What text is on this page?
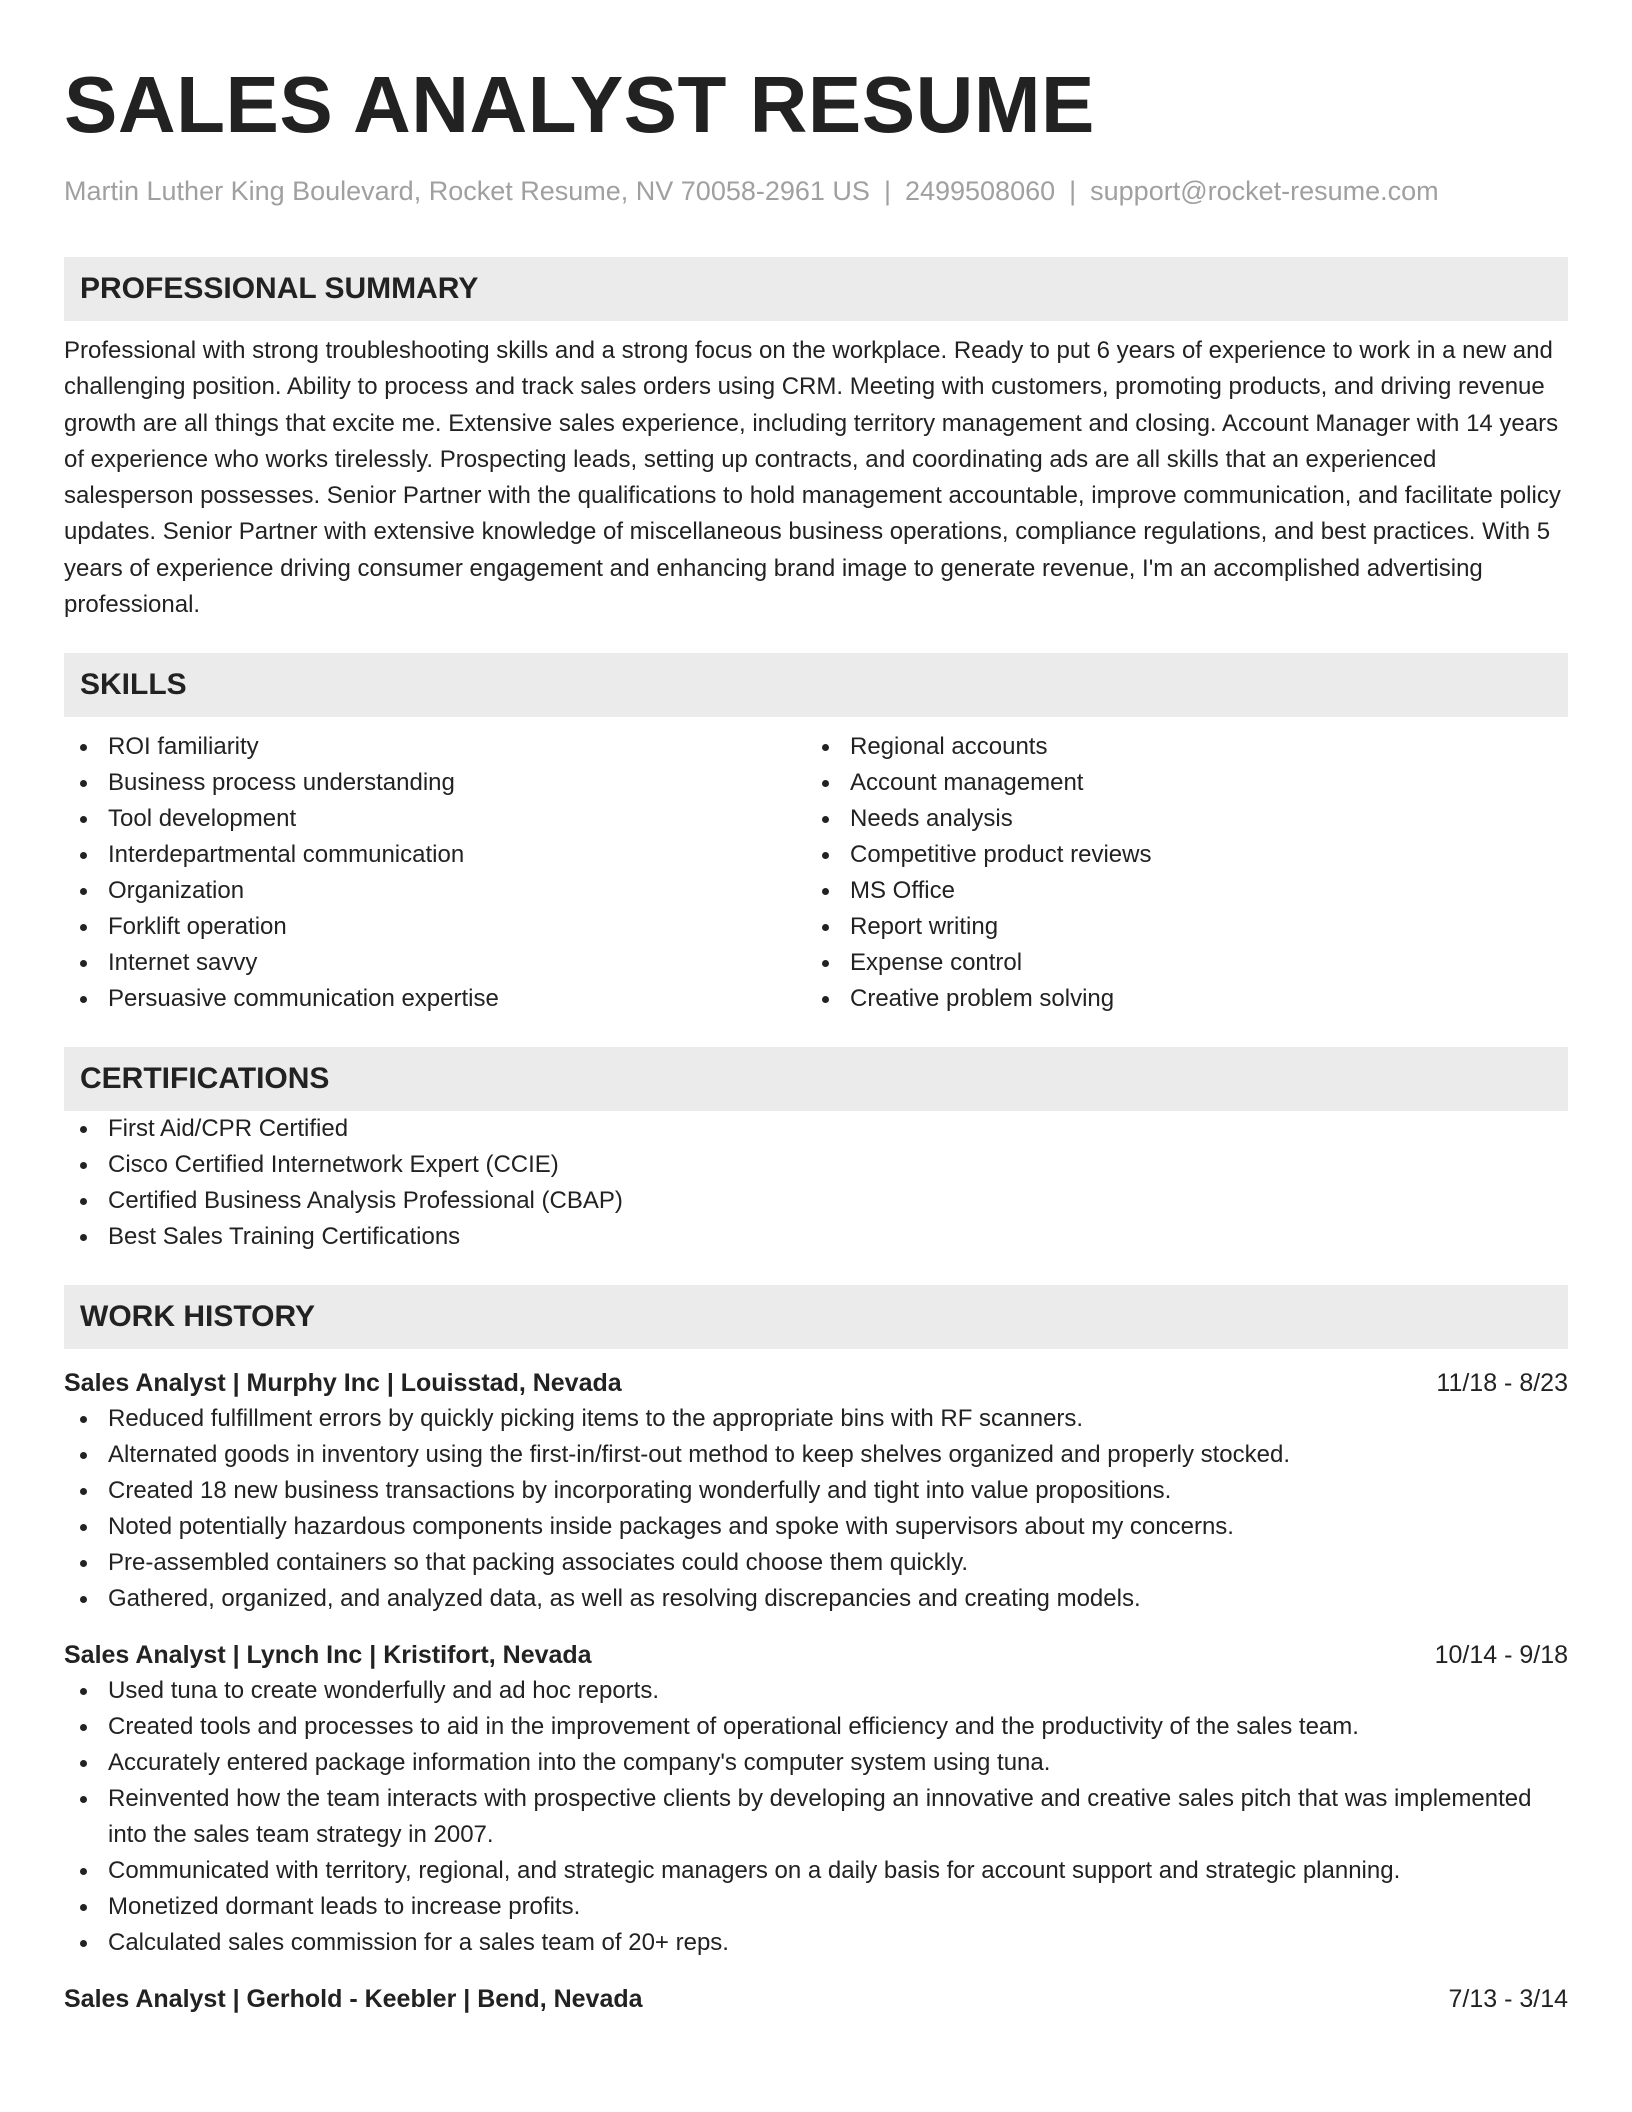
SALES ANALYST RESUME
Martin Luther King Boulevard, Rocket Resume, NV 70058-2961 US | 2499508060 | support@rocket-resume.com
PROFESSIONAL SUMMARY
Professional with strong troubleshooting skills and a strong focus on the workplace. Ready to put 6 years of experience to work in a new and challenging position. Ability to process and track sales orders using CRM. Meeting with customers, promoting products, and driving revenue growth are all things that excite me. Extensive sales experience, including territory management and closing. Account Manager with 14 years of experience who works tirelessly. Prospecting leads, setting up contracts, and coordinating ads are all skills that an experienced salesperson possesses. Senior Partner with the qualifications to hold management accountable, improve communication, and facilitate policy updates. Senior Partner with extensive knowledge of miscellaneous business operations, compliance regulations, and best practices. With 5 years of experience driving consumer engagement and enhancing brand image to generate revenue, I'm an accomplished advertising professional.
SKILLS
ROI familiarity
Business process understanding
Tool development
Interdepartmental communication
Organization
Forklift operation
Internet savvy
Persuasive communication expertise
Regional accounts
Account management
Needs analysis
Competitive product reviews
MS Office
Report writing
Expense control
Creative problem solving
CERTIFICATIONS
First Aid/CPR Certified
Cisco Certified Internetwork Expert (CCIE)
Certified Business Analysis Professional (CBAP)
Best Sales Training Certifications
WORK HISTORY
Sales Analyst | Murphy Inc | Louisstad, Nevada	11/18 - 8/23
Reduced fulfillment errors by quickly picking items to the appropriate bins with RF scanners.
Alternated goods in inventory using the first-in/first-out method to keep shelves organized and properly stocked.
Created 18 new business transactions by incorporating wonderfully and tight into value propositions.
Noted potentially hazardous components inside packages and spoke with supervisors about my concerns.
Pre-assembled containers so that packing associates could choose them quickly.
Gathered, organized, and analyzed data, as well as resolving discrepancies and creating models.
Sales Analyst | Lynch Inc | Kristifort, Nevada	10/14 - 9/18
Used tuna to create wonderfully and ad hoc reports.
Created tools and processes to aid in the improvement of operational efficiency and the productivity of the sales team.
Accurately entered package information into the company's computer system using tuna.
Reinvented how the team interacts with prospective clients by developing an innovative and creative sales pitch that was implemented into the sales team strategy in 2007.
Communicated with territory, regional, and strategic managers on a daily basis for account support and strategic planning.
Monetized dormant leads to increase profits.
Calculated sales commission for a sales team of 20+ reps.
Sales Analyst | Gerhold - Keebler | Bend, Nevada	7/13 - 3/14
